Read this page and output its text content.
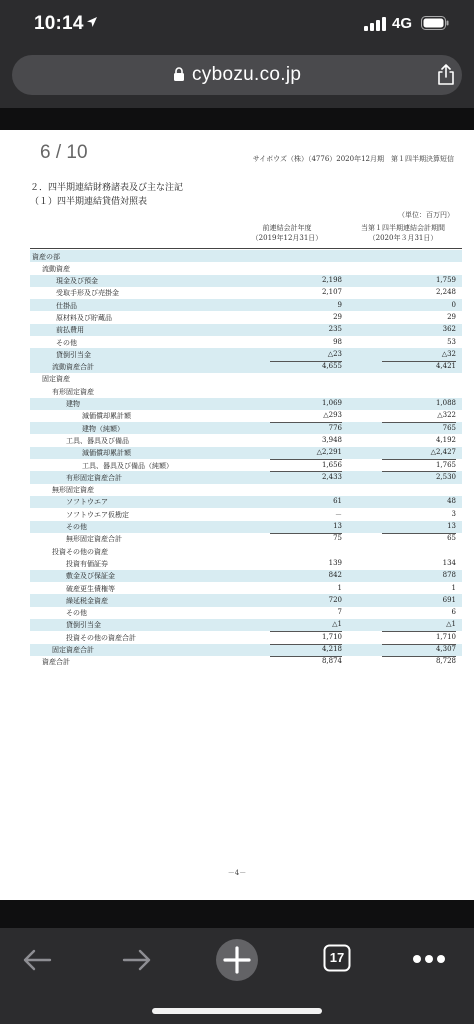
10:14	4G
cybozu.co.jp
6 / 10	サイボウズ（株）（4776）2020年12月期　第１四半期決算短信
２．四半期連結財務諸表及び主な注記
（１）四半期連結貸借対照表
（単位：百万円）
前連結会計年度
（2019年12月31日）
当第１四半期連結会計期間
（2020年３月31日）
資産の部
流動資産
現金及び預金	2,198	1,759
受取手形及び売掛金	2,107	2,248
仕掛品	9	0
原材料及び貯蔵品	29	29
前払費用	235	362
その他	98	53
貸倒引当金	△23	△32
流動資産合計	4,655	4,421
固定資産
有形固定資産
建物	1,069	1,088
減価償却累計額	△293	△322
建物（純額）	776	765
工具、器具及び備品	3,948	4,192
減価償却累計額	△2,291	△2,427
工具、器具及び備品（純額）	1,656	1,765
有形固定資産合計	2,433	2,530
無形固定資産
ソフトウエア	61	48
ソフトウエア仮勘定	－	3
その他	13	13
無形固定資産合計	75	65
投資その他の資産
投資有価証券	139	134
敷金及び保証金	842	878
破産更生債権等	1	1
繰延税金資産	720	691
その他	7	6
貸倒引当金	△1	△1
投資その他の資産合計	1,710	1,710
固定資産合計	4,218	4,307
資産合計	8,874	8,728
－4－
17
